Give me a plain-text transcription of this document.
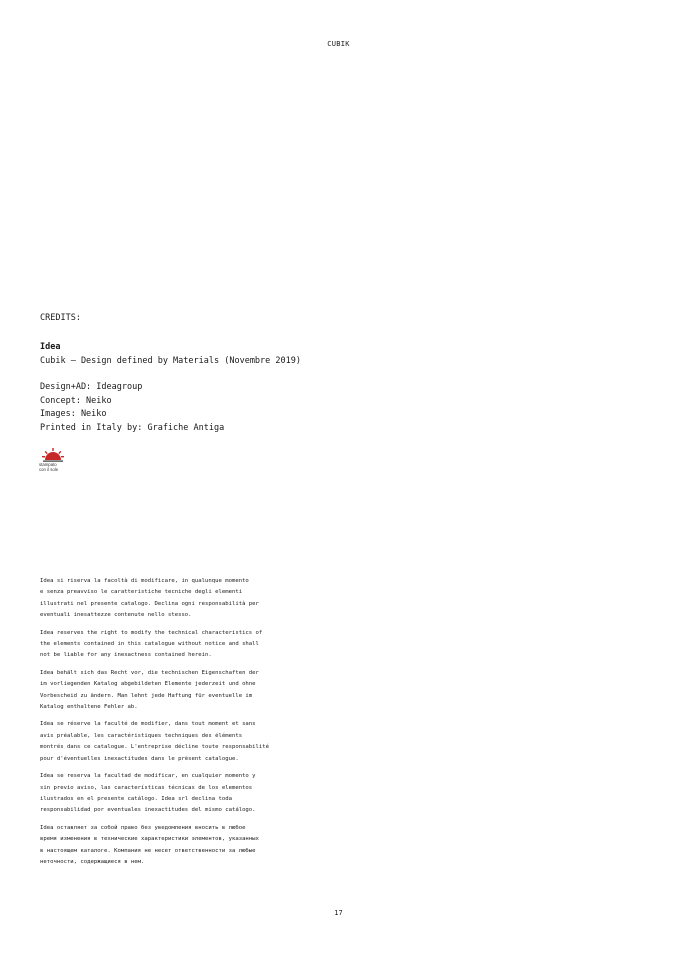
CUBIK
CREDITS:
Idea
Cubik – Design defined by Materials (Novembre 2019)
Design+AD: Ideagroup
Concept: Neiko
Images: Neiko
Printed in Italy by: Grafiche Antiga
stampato
con il sole
Idea si riserva la facoltà di modificare, in qualunque momento
e senza preavviso le caratteristiche tecniche degli elementi
illustrati nel presente catalogo. Declina ogni responsabilità per
eventuali inesattezze contenute nello stesso.
Idea reserves the right to modify the technical characteristics of
the elements contained in this catalogue without notice and shall
not be liable for any inexactness contained herein.
Idea behält sich das Recht vor, die technischen Eigenschaften der
im vorliegenden Katalog abgebildeten Elemente jederzeit und ohne
Vorbescheid zu ändern. Man lehnt jede Haftung für eventuelle im
Katalog enthaltene Fehler ab.
Idea se réserve la faculté de modifier, dans tout moment et sans
avis préalable, les caractéristiques techniques des éléments
montrés dans ce catalogue. L'entreprise décline toute responsabilité
pour d'éventuelles inexactitudes dans le présent catalogue.
Idea se reserva la facultad de modificar, en cualquier momento y
sin previo aviso, las características técnicas de los elementos
ilustrados en el presente catálogo. Idea srl declina toda
responsabilidad por eventuales inexactitudes del mismo catálogo.
Idea оставляет за собой право без уведомления вносить в любое
время изменения в технические характеристики элементов, указанных
в настоящем каталоге. Компания не несет ответственности за любые
неточности, содержащиеся в нем.
17
